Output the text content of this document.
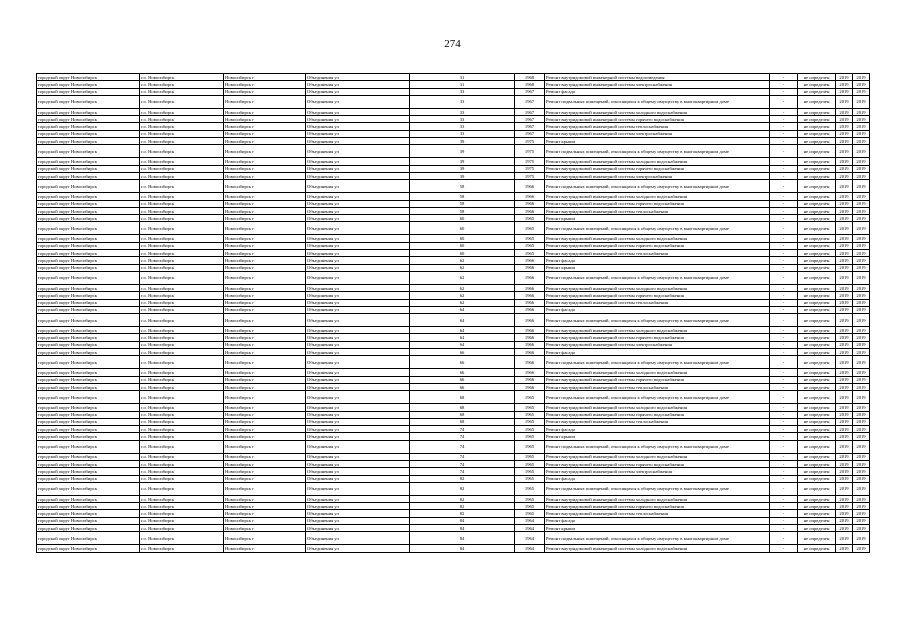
274
городской округ Новосибирск	г.о. Новосибирск	Новосибирск г	Объединения ул	31	1968	Ремонт внутридомовой инженерной системы водоотведения	-	не определен	2019	2019
городской округ Новосибирск	г.о. Новосибирск	Новосибирск г	Объединения ул	31	1968	Ремонт внутридомовой инженерной системы электроснабжения	-	не определен	2019	2019
городской округ Новосибирск	г.о. Новосибирск	Новосибирск г	Объединения ул	33	1967	Ремонт фасада	-	не определен	2019	2019
городской округ Новосибирск	г.о. Новосибирск	Новосибирск г	Объединения ул	33	1967	Ремонт подвальных помещений, относящихся к общему имуществу в многоквартирном доме	-	не определен	2019	2019
городской округ Новосибирск	г.о. Новосибирск	Новосибирск г	Объединения ул	33	1967	Ремонт внутридомовой инженерной системы холодного водоснабжения	-	не определен	2019	2019
городской округ Новосибирск	г.о. Новосибирск	Новосибирск г	Объединения ул	33	1967	Ремонт внутридомовой инженерной системы горячего водоснабжения	-	не определен	2019	2019
городской округ Новосибирск	г.о. Новосибирск	Новосибирск г	Объединения ул	33	1967	Ремонт внутридомовой инженерной системы теплоснабжения	-	не определен	2019	2019
городской округ Новосибирск	г.о. Новосибирск	Новосибирск г	Объединения ул	33	1967	Ремонт внутридомовой инженерной системы электроснабжения	-	не определен	2019	2019
городской округ Новосибирск	г.о. Новосибирск	Новосибирск г	Объединения ул	39	1975	Ремонт крыши	-	не определен	2019	2019
городской округ Новосибирск	г.о. Новосибирск	Новосибирск г	Объединения ул	39	1975	Ремонт подвальных помещений, относящихся к общему имуществу в многоквартирном доме	-	не определен	2019	2019
городской округ Новосибирск	г.о. Новосибирск	Новосибирск г	Объединения ул	39	1975	Ремонт внутридомовой инженерной системы холодного водоснабжения	-	не определен	2019	2019
городской округ Новосибирск	г.о. Новосибирск	Новосибирск г	Объединения ул	39	1975	Ремонт внутридомовой инженерной системы горячего водоснабжения	-	не определен	2019	2019
городской округ Новосибирск	г.о. Новосибирск	Новосибирск г	Объединения ул	39	1975	Ремонт внутридомовой инженерной системы электроснабжения	-	не определен	2019	2019
городской округ Новосибирск	г.о. Новосибирск	Новосибирск г	Объединения ул	58	1966	Ремонт подвальных помещений, относящихся к общему имуществу в многоквартирном доме	-	не определен	2019	2019
городской округ Новосибирск	г.о. Новосибирск	Новосибирск г	Объединения ул	58	1966	Ремонт внутридомовой инженерной системы холодного водоснабжения	-	не определен	2019	2019
городской округ Новосибирск	г.о. Новосибирск	Новосибирск г	Объединения ул	58	1966	Ремонт внутридомовой инженерной системы горячего водоснабжения	-	не определен	2019	2019
городской округ Новосибирск	г.о. Новосибирск	Новосибирск г	Объединения ул	58	1966	Ремонт внутридомовой инженерной системы теплоснабжения	-	не определен	2019	2019
городской округ Новосибирск	г.о. Новосибирск	Новосибирск г	Объединения ул	60	1965	Ремонт крыши	-	не определен	2019	2019
городской округ Новосибирск	г.о. Новосибирск	Новосибирск г	Объединения ул	60	1965	Ремонт подвальных помещений, относящихся к общему имуществу в многоквартирном доме	-	не определен	2019	2019
городской округ Новосибирск	г.о. Новосибирск	Новосибирск г	Объединения ул	60	1965	Ремонт внутридомовой инженерной системы холодного водоснабжения	-	не определен	2019	2019
городской округ Новосибирск	г.о. Новосибирск	Новосибирск г	Объединения ул	60	1965	Ремонт внутридомовой инженерной системы горячего водоснабжения	-	не определен	2019	2019
городской округ Новосибирск	г.о. Новосибирск	Новосибирск г	Объединения ул	60	1965	Ремонт внутридомовой инженерной системы теплоснабжения	-	не определен	2019	2019
городской округ Новосибирск	г.о. Новосибирск	Новосибирск г	Объединения ул	62	1966	Ремонт фасада	-	не определен	2019	2019
городской округ Новосибирск	г.о. Новосибирск	Новосибирск г	Объединения ул	62	1966	Ремонт крыши	-	не определен	2019	2019
городской округ Новосибирск	г.о. Новосибирск	Новосибирск г	Объединения ул	62	1966	Ремонт подвальных помещений, относящихся к общему имуществу в многоквартирном доме	-	не определен	2019	2019
городской округ Новосибирск	г.о. Новосибирск	Новосибирск г	Объединения ул	62	1966	Ремонт внутридомовой инженерной системы холодного водоснабжения	-	не определен	2019	2019
городской округ Новосибирск	г.о. Новосибирск	Новосибирск г	Объединения ул	62	1966	Ремонт внутридомовой инженерной системы горячего водоснабжения	-	не определен	2019	2019
городской округ Новосибирск	г.о. Новосибирск	Новосибирск г	Объединения ул	62	1966	Ремонт внутридомовой инженерной системы теплоснабжения	-	не определен	2019	2019
городской округ Новосибирск	г.о. Новосибирск	Новосибирск г	Объединения ул	64	1966	Ремонт фасада	-	не определен	2019	2019
городской округ Новосибирск	г.о. Новосибирск	Новосибирск г	Объединения ул	64	1966	Ремонт подвальных помещений, относящихся к общему имуществу в многоквартирном доме	-	не определен	2019	2019
городской округ Новосибирск	г.о. Новосибирск	Новосибирск г	Объединения ул	64	1966	Ремонт внутридомовой инженерной системы холодного водоснабжения	-	не определен	2019	2019
городской округ Новосибирск	г.о. Новосибирск	Новосибирск г	Объединения ул	64	1966	Ремонт внутридомовой инженерной системы горячего водоснабжения	-	не определен	2019	2019
городской округ Новосибирск	г.о. Новосибирск	Новосибирск г	Объединения ул	64	1966	Ремонт внутридомовой инженерной системы электроснабжения	-	не определен	2019	2019
городской округ Новосибирск	г.о. Новосибирск	Новосибирск г	Объединения ул	66	1966	Ремонт фасада	-	не определен	2019	2019
городской округ Новосибирск	г.о. Новосибирск	Новосибирск г	Объединения ул	66	1966	Ремонт подвальных помещений, относящихся к общему имуществу в многоквартирном доме	-	не определен	2019	2019
городской округ Новосибирск	г.о. Новосибирск	Новосибирск г	Объединения ул	66	1966	Ремонт внутридомовой инженерной системы холодного водоснабжения	-	не определен	2019	2019
городской округ Новосибирск	г.о. Новосибирск	Новосибирск г	Объединения ул	66	1966	Ремонт внутридомовой инженерной системы горячего водоснабжения	-	не определен	2019	2019
городской округ Новосибирск	г.о. Новосибирск	Новосибирск г	Объединения ул	66	1966	Ремонт внутридомовой инженерной системы теплоснабжения	-	не определен	2019	2019
городской округ Новосибирск	г.о. Новосибирск	Новосибирск г	Объединения ул	68	1965	Ремонт подвальных помещений, относящихся к общему имуществу в многоквартирном доме	-	не определен	2019	2019
городской округ Новосибирск	г.о. Новосибирск	Новосибирск г	Объединения ул	68	1965	Ремонт внутридомовой инженерной системы холодного водоснабжения	-	не определен	2019	2019
городской округ Новосибирск	г.о. Новосибирск	Новосибирск г	Объединения ул	68	1965	Ремонт внутридомовой инженерной системы горячего водоснабжения	-	не определен	2019	2019
городской округ Новосибирск	г.о. Новосибирск	Новосибирск г	Объединения ул	68	1965	Ремонт внутридомовой инженерной системы теплоснабжения	-	не определен	2019	2019
городской округ Новосибирск	г.о. Новосибирск	Новосибирск г	Объединения ул	74	1965	Ремонт фасада	-	не определен	2019	2019
городской округ Новосибирск	г.о. Новосибирск	Новосибирск г	Объединения ул	74	1965	Ремонт крыши	-	не определен	2019	2019
городской округ Новосибирск	г.о. Новосибирск	Новосибирск г	Объединения ул	74	1965	Ремонт подвальных помещений, относящихся к общему имуществу в многоквартирном доме	-	не определен	2019	2019
городской округ Новосибирск	г.о. Новосибирск	Новосибирск г	Объединения ул	74	1965	Ремонт внутридомовой инженерной системы холодного водоснабжения	-	не определен	2019	2019
городской округ Новосибирск	г.о. Новосибирск	Новосибирск г	Объединения ул	74	1965	Ремонт внутридомовой инженерной системы горячего водоснабжения	-	не определен	2019	2019
городской округ Новосибирск	г.о. Новосибирск	Новосибирск г	Объединения ул	74	1965	Ремонт внутридомовой инженерной системы электроснабжения	-	не определен	2019	2019
городской округ Новосибирск	г.о. Новосибирск	Новосибирск г	Объединения ул	82	1965	Ремонт фасада	-	не определен	2019	2019
городской округ Новосибирск	г.о. Новосибирск	Новосибирск г	Объединения ул	82	1965	Ремонт подвальных помещений, относящихся к общему имуществу в многоквартирном доме	-	не определен	2019	2019
городской округ Новосибирск	г.о. Новосибирск	Новосибирск г	Объединения ул	82	1965	Ремонт внутридомовой инженерной системы холодного водоснабжения	-	не определен	2019	2019
городской округ Новосибирск	г.о. Новосибирск	Новосибирск г	Объединения ул	82	1965	Ремонт внутридомовой инженерной системы горячего водоснабжения	-	не определен	2019	2019
городской округ Новосибирск	г.о. Новосибирск	Новосибирск г	Объединения ул	82	1965	Ремонт внутридомовой инженерной системы теплоснабжения	-	не определен	2019	2019
городской округ Новосибирск	г.о. Новосибирск	Новосибирск г	Объединения ул	84	1964	Ремонт фасада	-	не определен	2019	2019
городской округ Новосибирск	г.о. Новосибирск	Новосибирск г	Объединения ул	84	1964	Ремонт крыши	-	не определен	2019	2019
городской округ Новосибирск	г.о. Новосибирск	Новосибирск г	Объединения ул	84	1964	Ремонт подвальных помещений, относящихся к общему имуществу в многоквартирном доме	-	не определен	2019	2019
городской округ Новосибирск	г.о. Новосибирск	Новосибирск г	Объединения ул	84	1964	Ремонт внутридомовой инженерной системы холодного водоснабжения	-	не определен	2019	2019
